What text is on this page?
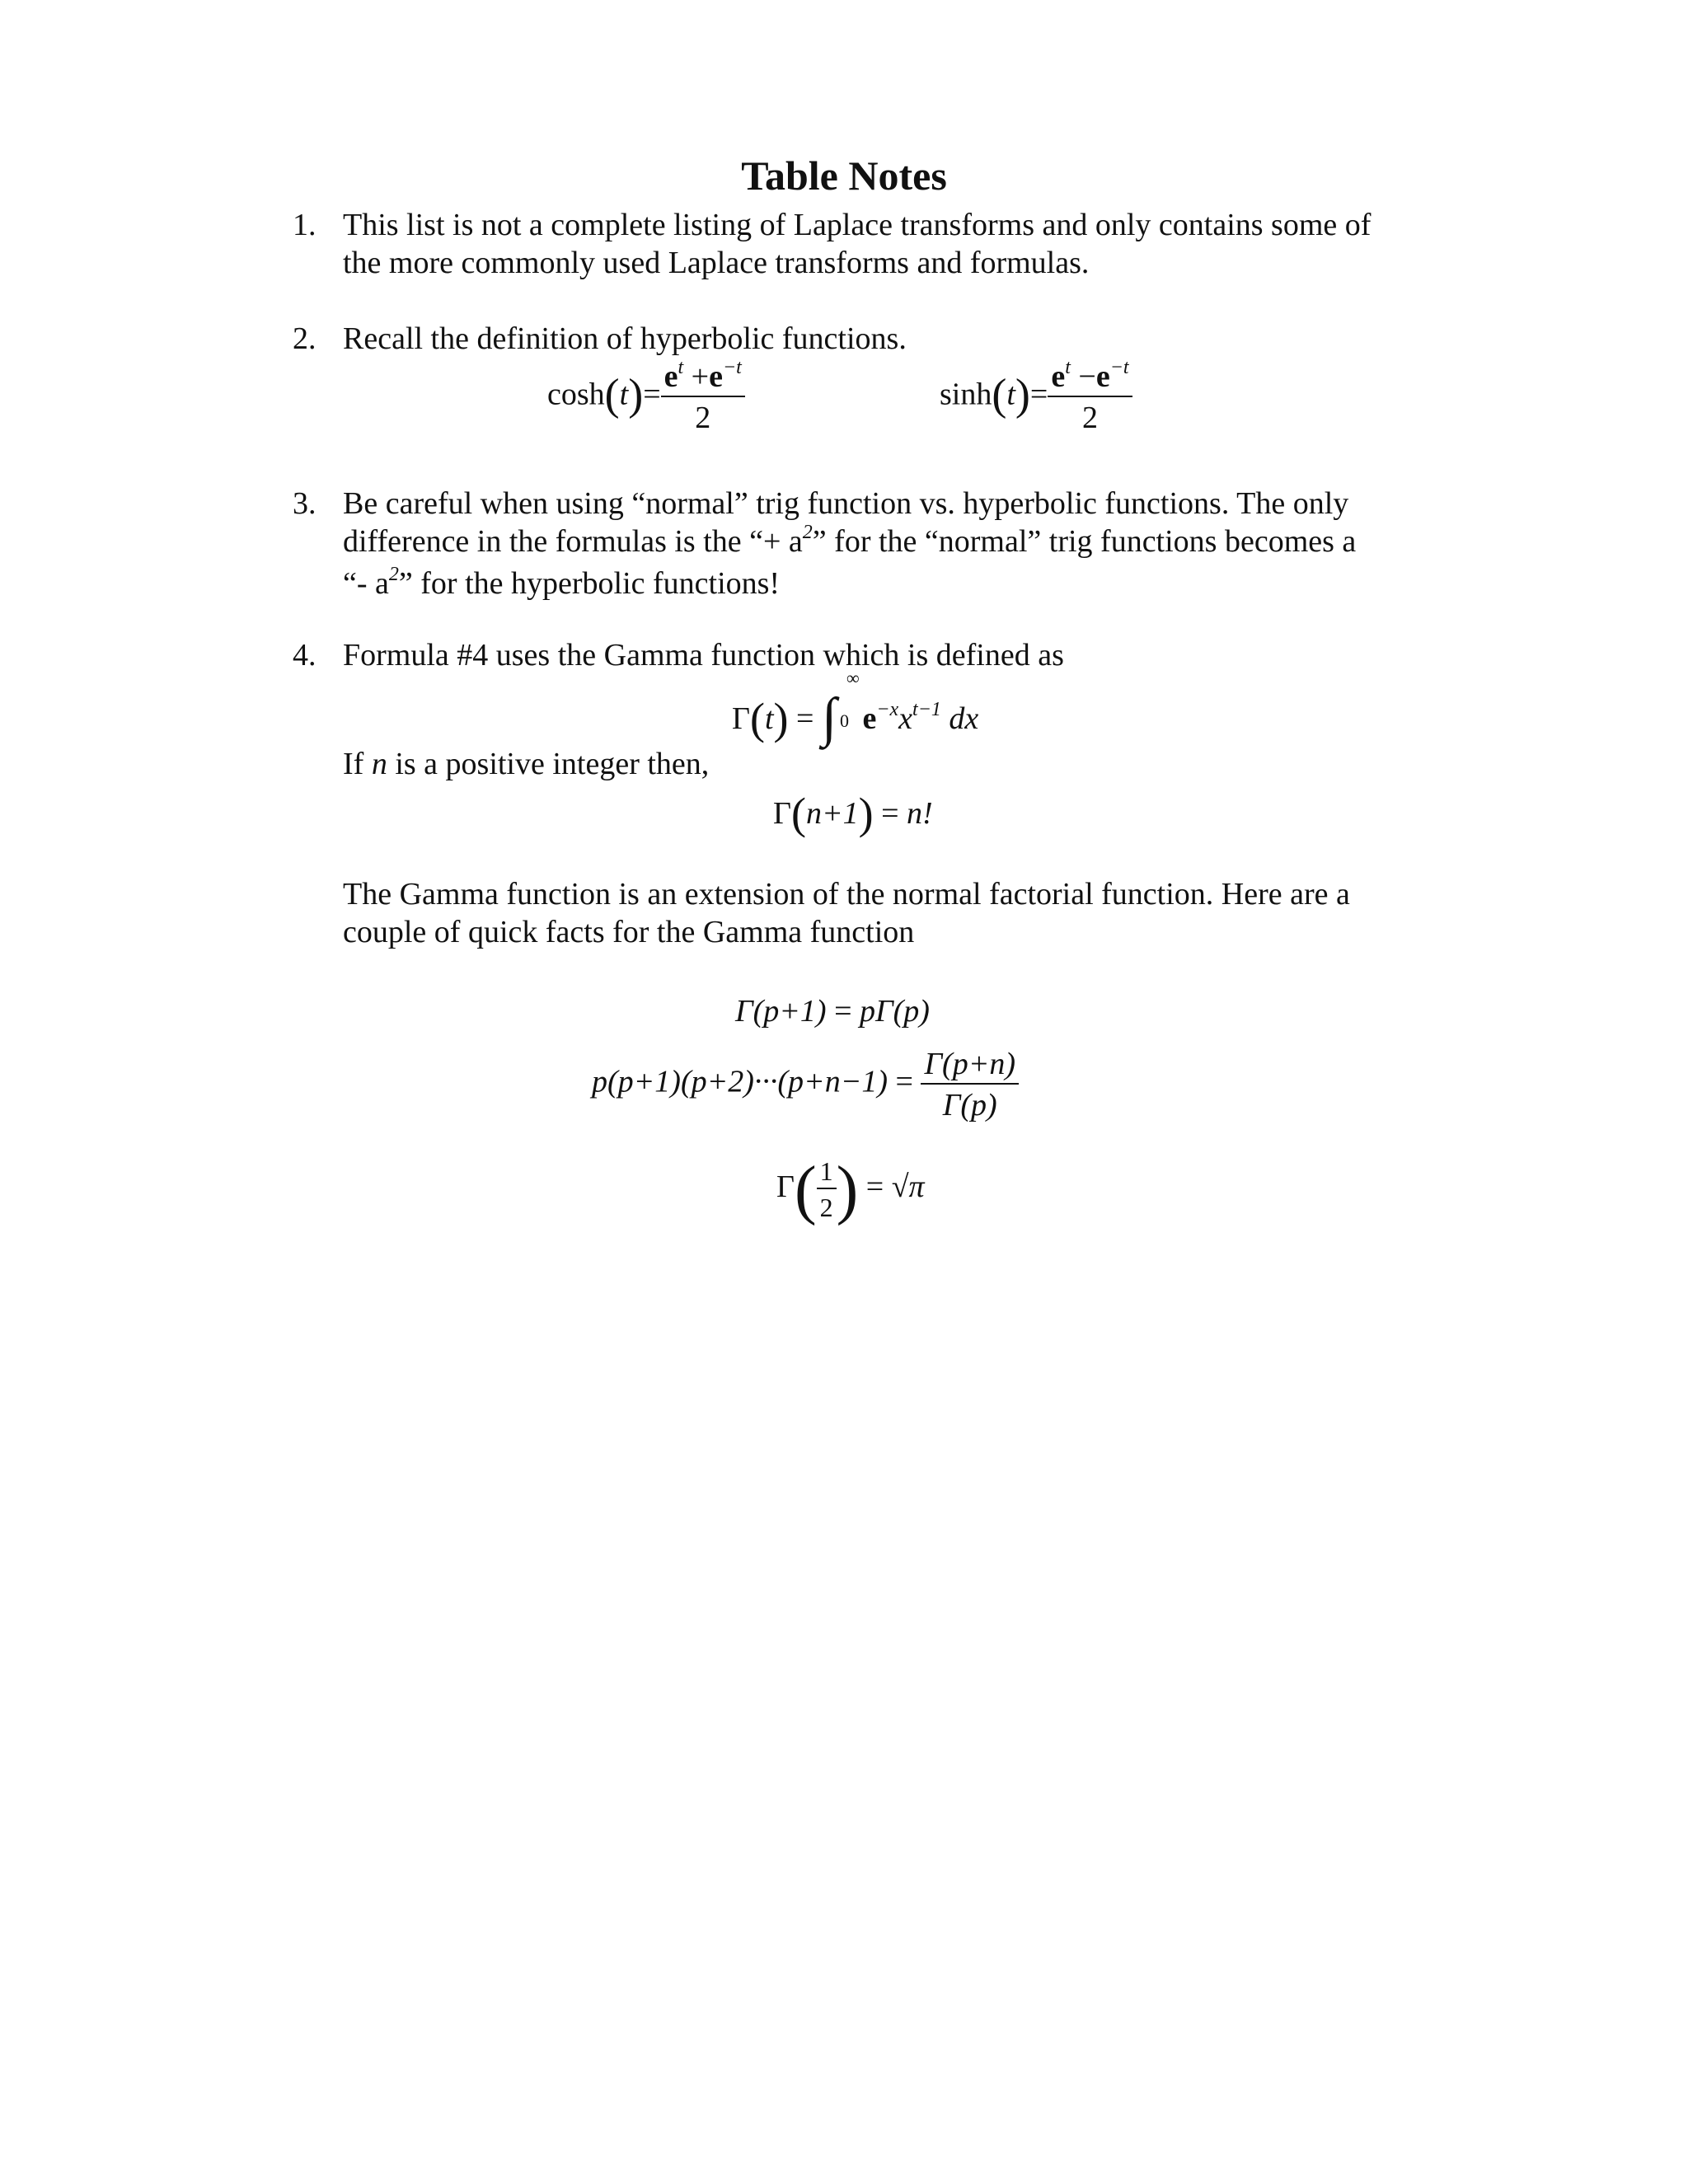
Table Notes
1. This list is not a complete listing of Laplace transforms and only contains some of
the more commonly used Laplace transforms and formulas.
2. Recall the definition of hyperbolic functions.
$\cosh(t)= \frac{e^t +e^{-t}}{2}$	$\sinh(t)= \frac{e^t -e^{-t}}{2}$
3. Be careful when using “normal” trig function vs. hyperbolic functions. The only
difference in the formulas is the “+ $a^2$” for the “normal” trig functions becomes a
“- $a^2$” for the hyperbolic functions!
4. Formula #4 uses the Gamma function which is defined as
Γ(t) = ∫
∞
0 $e^{-x}x^{t-1}$ dx
If n is a positive integer then,
Γ(n+1) = n!
The Gamma function is an extension of the normal factorial function. Here are a
couple of quick facts for the Gamma function
Γ(p+1) = pΓ(p)
$p(p+1)(p+2)\cdot\cdot\cdot(p+n-1) = \frac{\Gamma(p+n)}{\Gamma(p)}$
$\Gamma( \frac{1}{2}$ ) = √π
